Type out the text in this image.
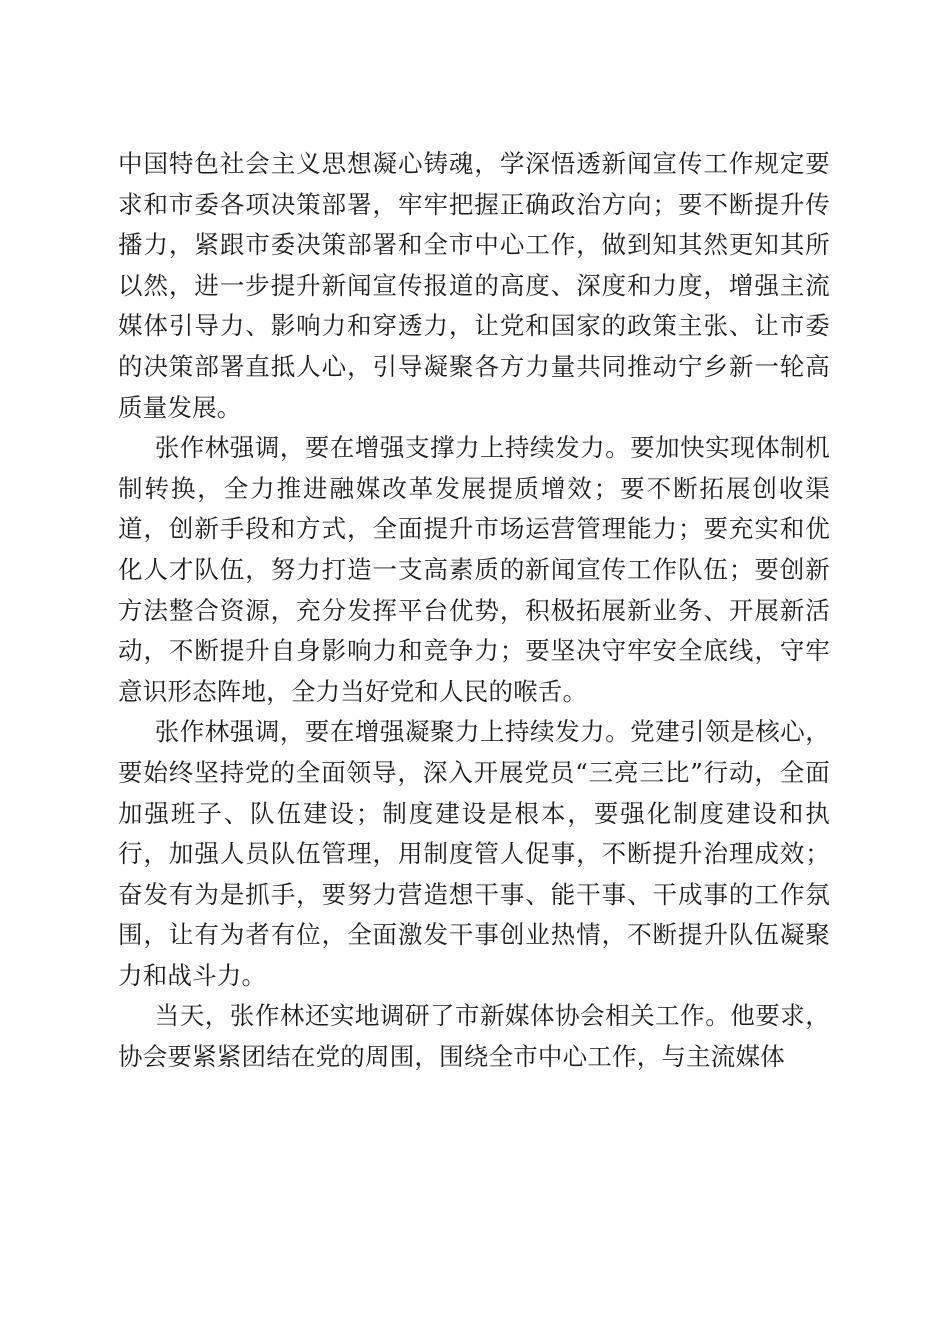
中国特色社会主义思想凝心铸魂，学深悟透新闻宣传工作规定要求和市委各项决策部署，牢牢把握正确政治方向；要不断提升传播力，紧跟市委决策部署和全市中心工作，做到知其然更知其所以然，进一步提升新闻宣传报道的高度、深度和力度，增强主流媒体引导力、影响力和穿透力，让党和国家的政策主张、让市委的决策部署直抵人心，引导凝聚各方力量共同推动宁乡新一轮高质量发展。

张作林强调，要在增强支撑力上持续发力。要加快实现体制机制转换，全力推进融媒改革发展提质增效；要不断拓展创收渠道，创新手段和方式，全面提升市场运营管理能力；要充实和优化人才队伍，努力打造一支高素质的新闻宣传工作队伍；要创新方法整合资源，充分发挥平台优势，积极拓展新业务、开展新活动，不断提升自身影响力和竞争力；要坚决守牢安全底线，守牢意识形态阵地，全力当好党和人民的喉舌。

张作林强调，要在增强凝聚力上持续发力。党建引领是核心，要始终坚持党的全面领导，深入开展党员“三亮三比”行动，全面加强班子、队伍建设；制度建设是根本，要强化制度建设和执行，加强人员队伍管理，用制度管人促事，不断提升治理成效；奋发有为是抓手，要努力营造想干事、能干事、干成事的工作氛围，让有为者有位，全面激发干事创业热情，不断提升队伍凝聚力和战斗力。

当天，张作林还实地调研了市新媒体协会相关工作。他要求，协会要紧紧团结在党的周围，围绕全市中心工作，与主流媒体
